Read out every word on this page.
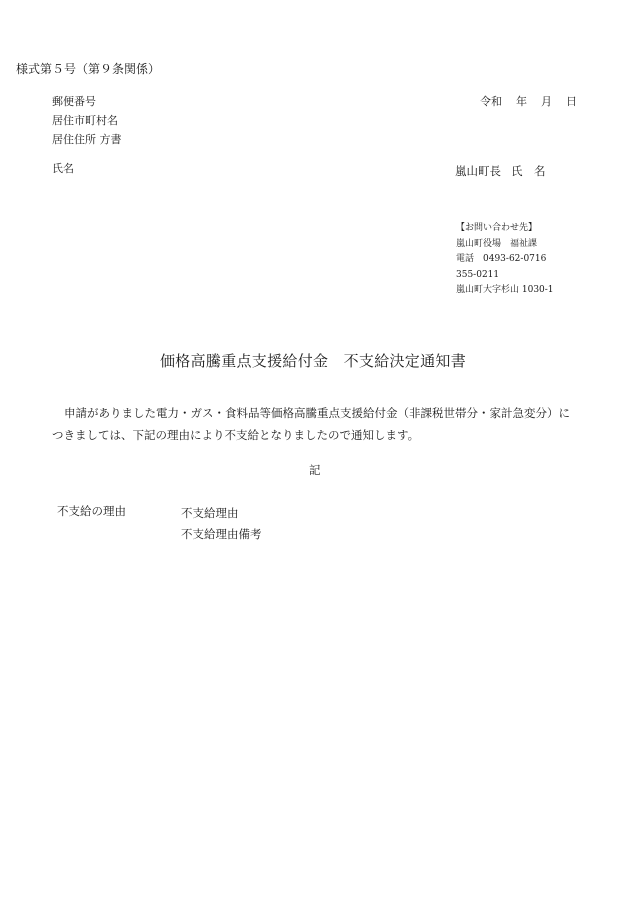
様式第５号（第９条関係）
郵便番号
居住市町村名
居住住所 方書
氏名
令和 年 月 日
嵐山町長 氏　名
【お問い合わせ先】
嵐山町役場　福祉課
電話　0493-62-0716
355-0211
嵐山町大字杉山 1030-1
価格高騰重点支援給付金　不支給決定通知書
申請がありました電力・ガス・食料品等価格高騰重点支援給付金（非課税世帯分・家計急変分）に
つきましては、下記の理由により不支給となりましたので通知します。
記
不支給の理由	不支給理由
不支給理由備考
